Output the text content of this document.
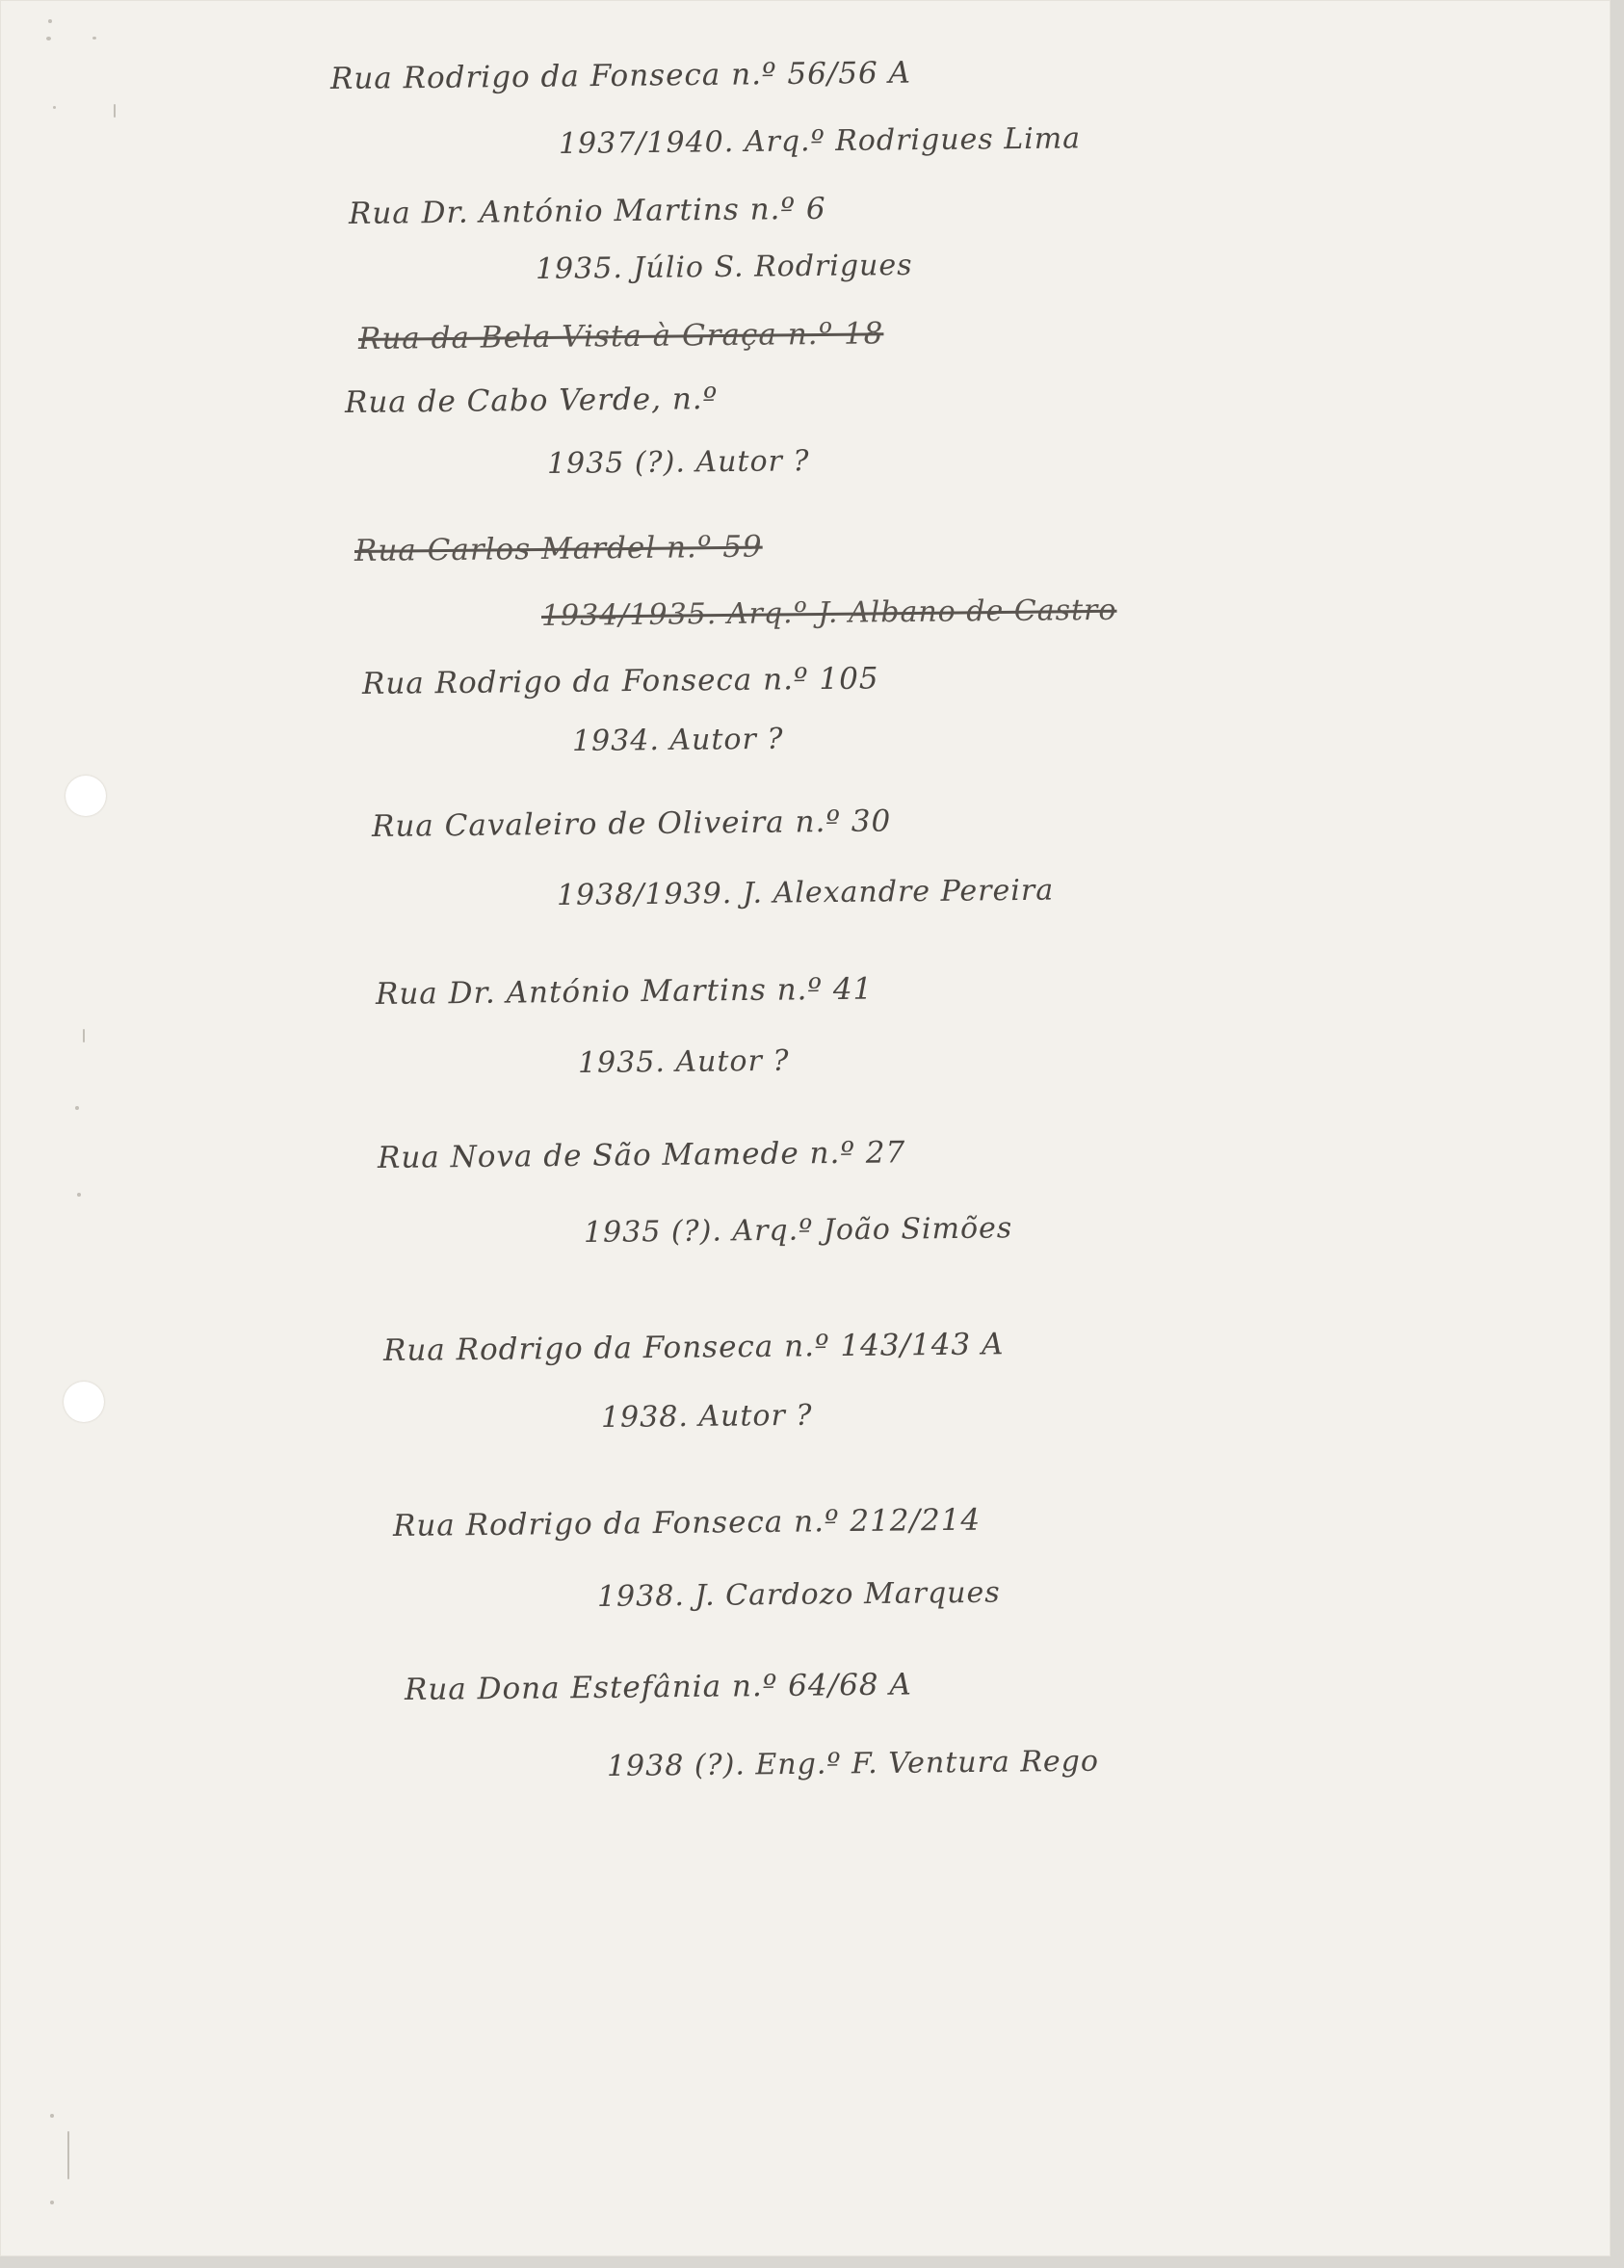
Rua Rodrigo da Fonseca n.º 56/56 A
1937/1940. Arq.º Rodrigues Lima
Rua Dr. António Martins n.º 6
1935. Júlio S. Rodrigues
Rua da Bela Vista à Graça n.º 18
Rua de Cabo Verde, n.º
1935 (?). Autor ?
Rua Carlos Mardel n.º 59
1934/1935. Arq.º J. Albano de Castro
Rua Rodrigo da Fonseca n.º 105
1934. Autor ?
Rua Cavaleiro de Oliveira n.º 30
1938/1939. J. Alexandre Pereira
Rua Dr. António Martins n.º 41
1935. Autor ?
Rua Nova de São Mamede n.º 27
1935 (?). Arq.º João Simões
Rua Rodrigo da Fonseca n.º 143/143 A
1938. Autor ?
Rua Rodrigo da Fonseca n.º 212/214
1938. J. Cardozo Marques
Rua Dona Estefânia n.º 64/68 A
1938 (?). Eng.º F. Ventura Rego
